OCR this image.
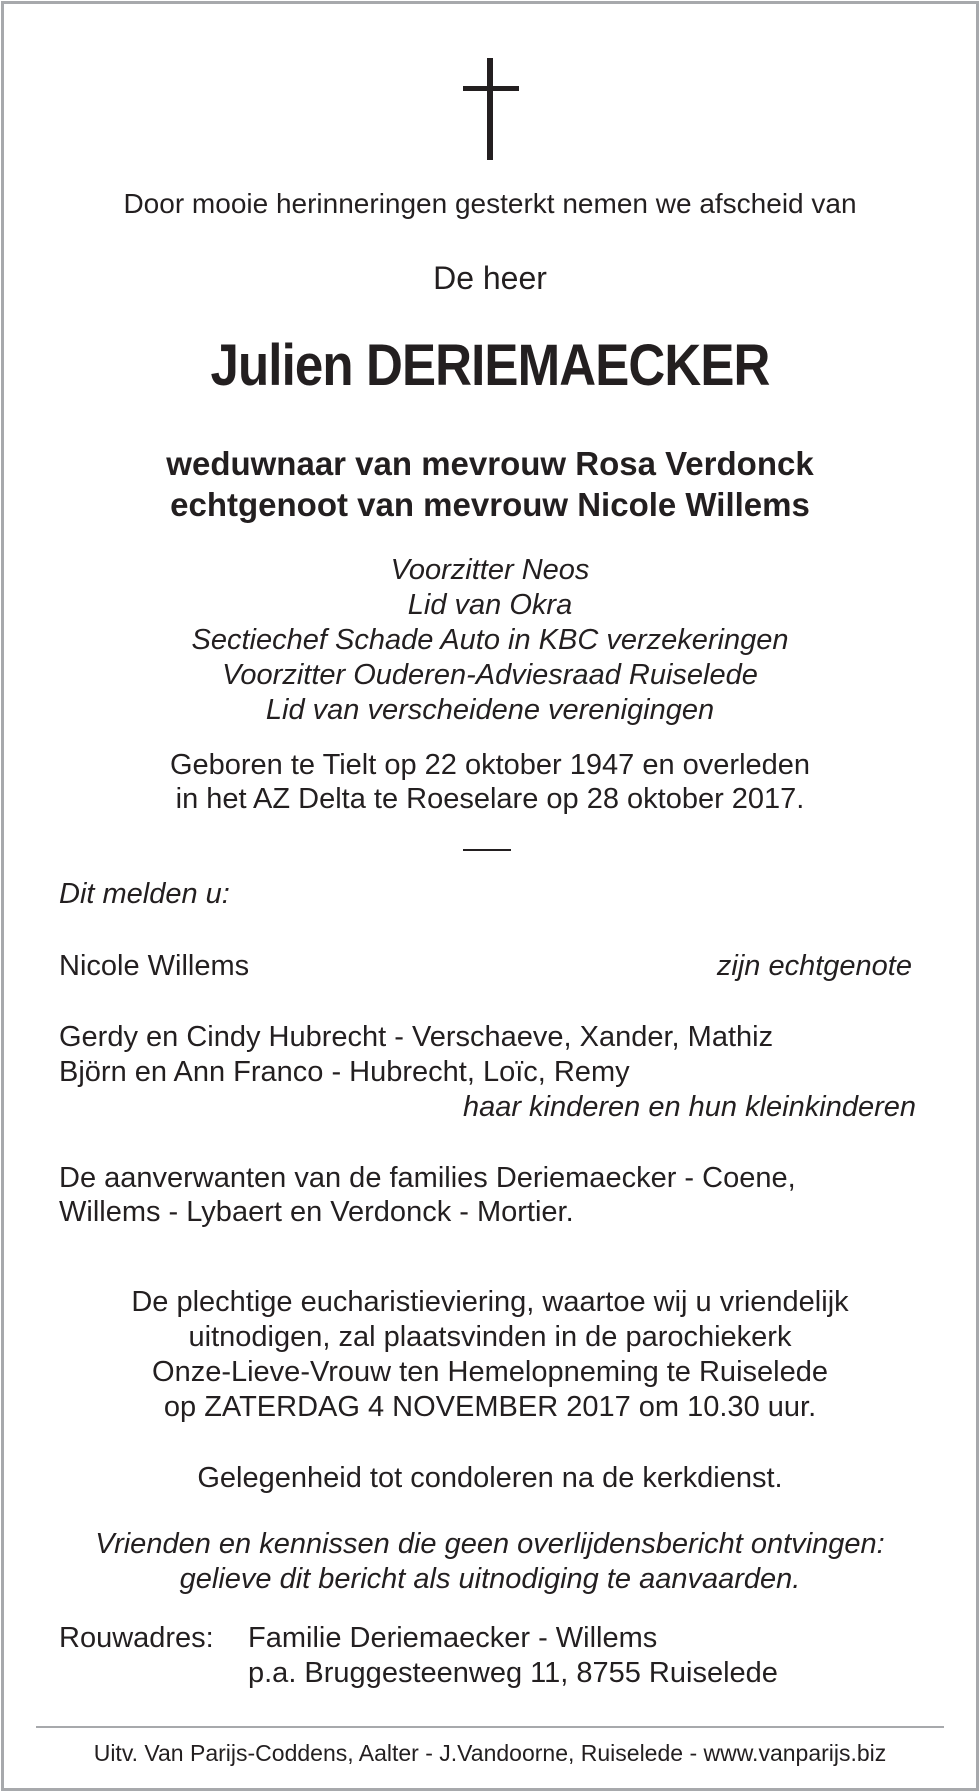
Door mooie herinneringen gesterkt nemen we afscheid van
De heer
Julien DERIEMAECKER
weduwnaar van mevrouw Rosa Verdonck
echtgenoot van mevrouw Nicole Willems
Voorzitter Neos
Lid van Okra
Sectiechef Schade Auto in KBC verzekeringen
Voorzitter Ouderen-Adviesraad Ruiselede
Lid van verscheidene verenigingen
Geboren te Tielt op 22 oktober 1947 en overleden
in het AZ Delta te Roeselare op 28 oktober 2017.
Dit melden u:
Nicole Willems	zijn echtgenote
Gerdy en Cindy Hubrecht - Verschaeve, Xander, Mathiz
Björn en Ann Franco - Hubrecht, Loïc, Remy
haar kinderen en hun kleinkinderen
De aanverwanten van de families Deriemaecker - Coene,
Willems - Lybaert en Verdonck - Mortier.
De plechtige eucharistieviering, waartoe wij u vriendelijk
uitnodigen, zal plaatsvinden in de parochiekerk
Onze-Lieve-Vrouw ten Hemelopneming te Ruiselede
op ZATERDAG 4 NOVEMBER 2017 om 10.30 uur.
Gelegenheid tot condoleren na de kerkdienst.
Vrienden en kennissen die geen overlijdensbericht ontvingen:
gelieve dit bericht als uitnodiging te aanvaarden.
Rouwadres: Familie Deriemaecker - Willems
p.a. Bruggesteenweg 11, 8755 Ruiselede
Uitv. Van Parijs-Coddens, Aalter - J.Vandoorne, Ruiselede - www.vanparijs.biz
